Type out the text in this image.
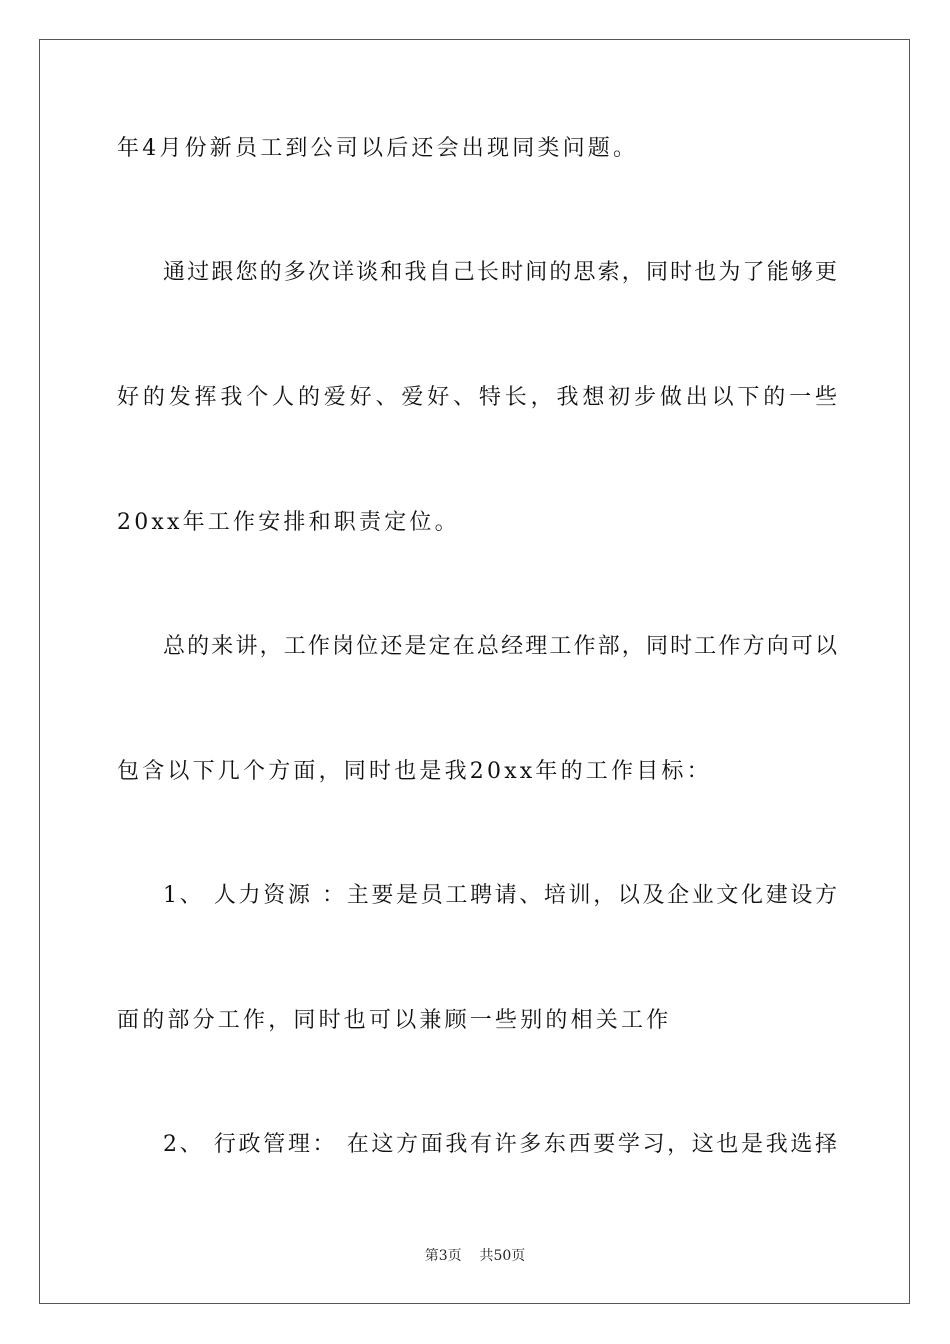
年4月份新员工到公司以后还会出现同类问题。
通过跟您的多次详谈和我自己长时间的思索，同时也为了能够更
好的发挥我个人的爱好、爱好、特长，我想初步做出以下的一些
20xx年工作安排和职责定位。
总的来讲，工作岗位还是定在总经理工作部，同时工作方向可以
包含以下几个方面，同时也是我20xx年的工作目标：
1、 人力资源 ：主要是员工聘请、培训，以及企业文化建设方
面的部分工作，同时也可以兼顾一些别的相关工作
2、 行政管理： 在这方面我有许多东西要学习，这也是我选择
第3页    共50页
